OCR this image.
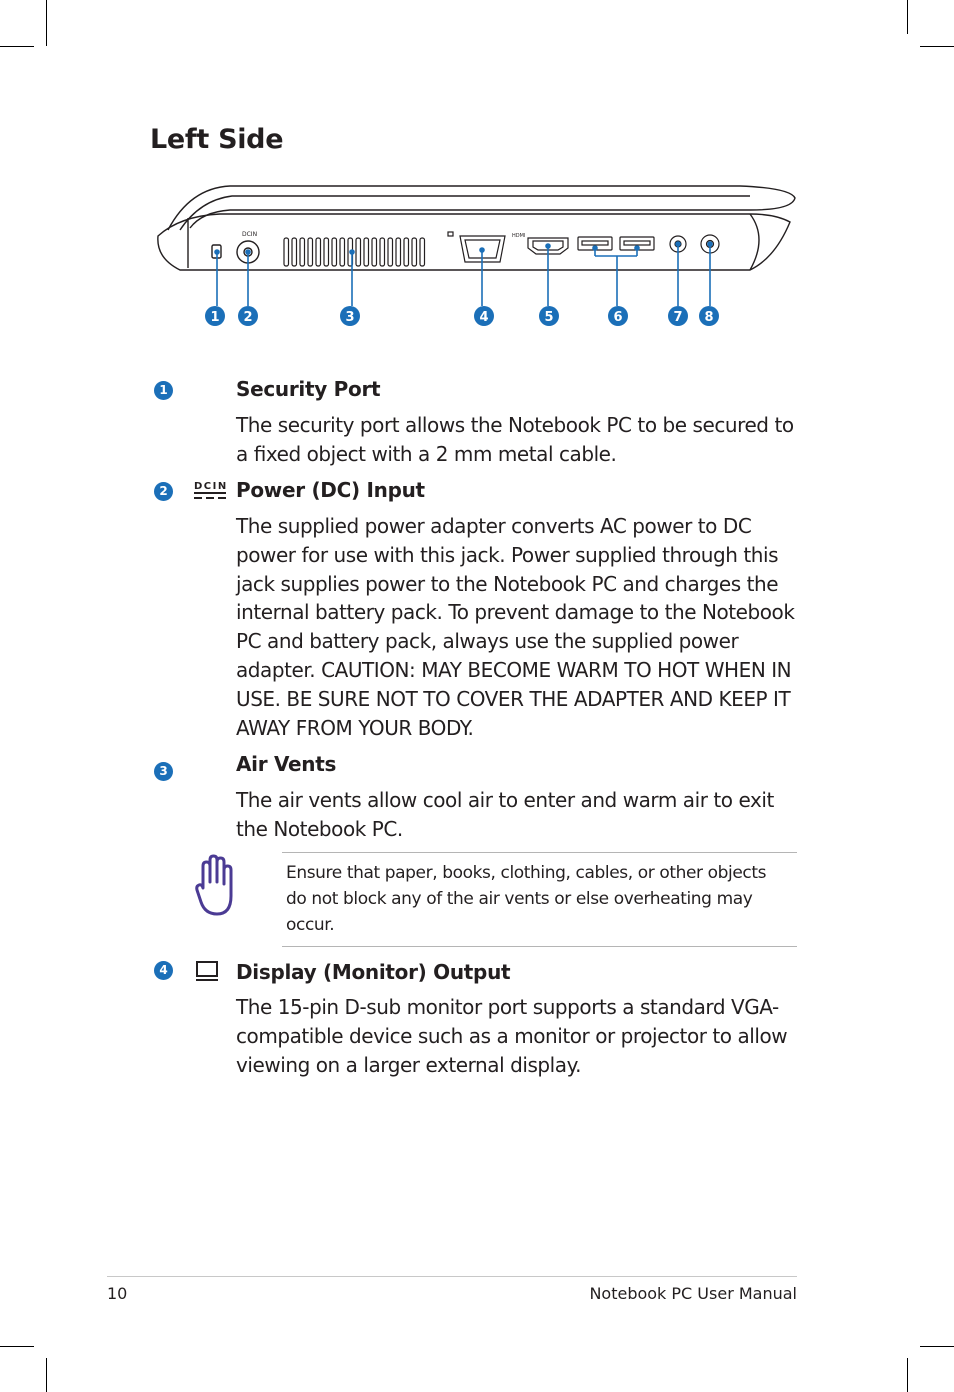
Left Side
DCIN	HDMI
1 2	3	4	5	6	7 8
1	Security Port
The security port allows the Notebook PC to be secured to a ﬁxed object with a 2 mm metal cable.
2	DCIN Power (DC) Input
The supplied power adapter converts AC power to DC power for use with this jack. Power supplied through this jack supplies power to the Notebook PC and charges the internal battery pack. To prevent damage to the Notebook PC and battery pack, always use the supplied power adapter. CAUTION: MAY BECOME WARM TO HOT WHEN IN USE. BE SURE NOT TO COVER THE ADAPTER AND KEEP IT AWAY FROM YOUR BODY.
3	Air Vents
The air vents allow cool air to enter and warm air to exit the Notebook PC.
Ensure that paper, books, clothing, cables, or other objects do not block any of the air vents or else overheating may occur.
4	Display (Monitor) Output
The 15-pin D-sub monitor port supports a standard VGA-compatible device such as a monitor or projector to allow viewing on a larger external display.
10	Notebook PC User Manual
